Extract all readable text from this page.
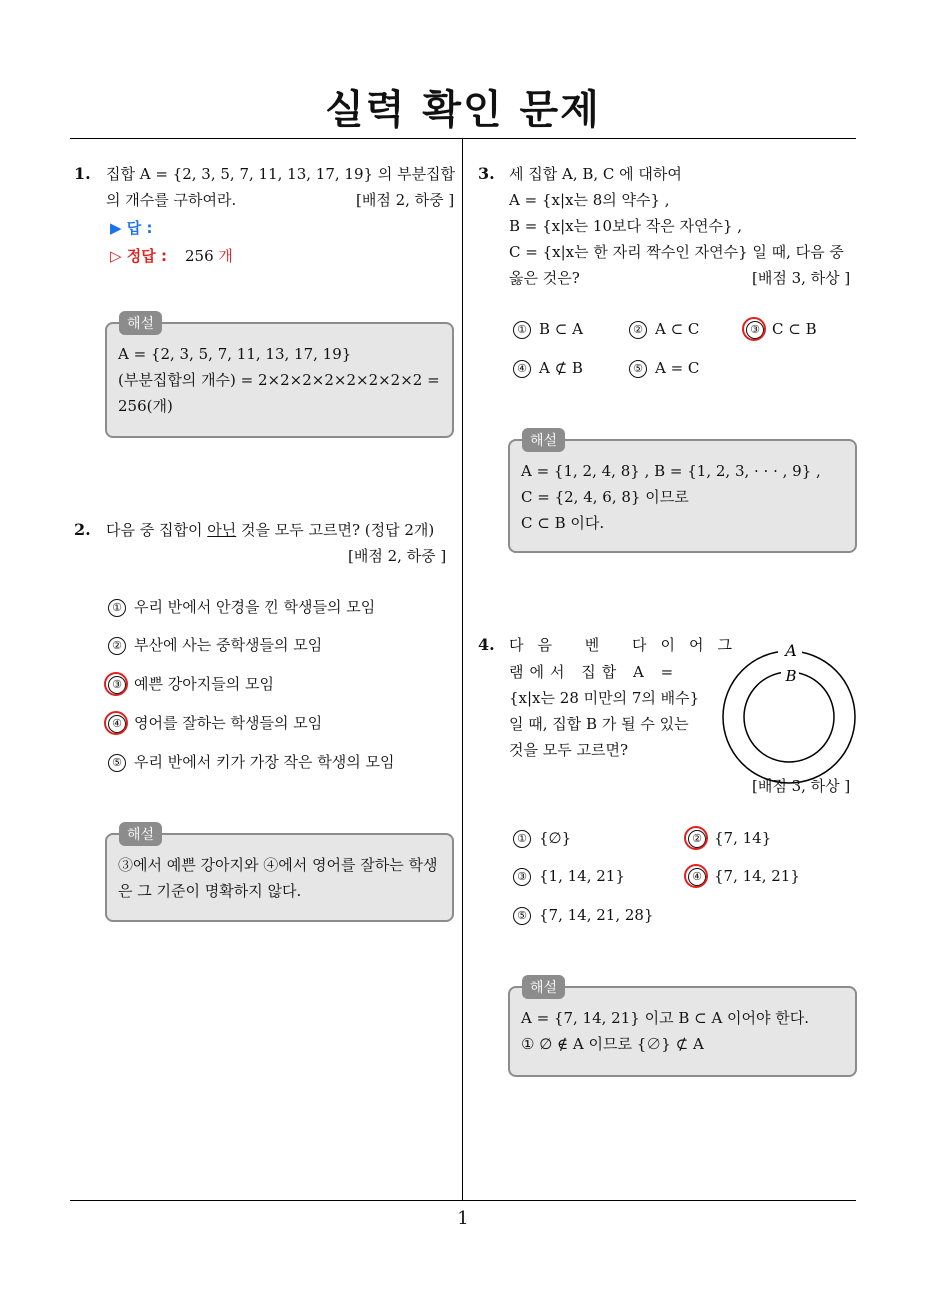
실력 확인 문제
1
1. 집합 A = {2, 3, 5, 7, 11, 13, 17, 19} 의 부분집합
의 개수를 구하여라.	[배점 2, 하중 ]
▶ 답 :
▷ 정답 : 256 개
해설
A = {2, 3, 5, 7, 11, 13, 17, 19}
(부분집합의 개수) = 2×2×2×2×2×2×2×2 =
256(개)
2. 다음 중 집합이 아닌 것을 모두 고르면? (정답 2개)
[배점 2, 하중 ]
① 우리 반에서 안경을 낀 학생들의 모임
② 부산에 사는 중학생들의 모임
③ 예쁜 강아지들의 모임
④ 영어를 잘하는 학생들의 모임
⑤ 우리 반에서 키가 가장 작은 학생의 모임
해설
③에서 예쁜 강아지와 ④에서 영어를 잘하는 학생
은 그 기준이 명확하지 않다.
3. 세 집합 A, B, C 에 대하여
A = {x|x는 8의 약수} ,
B = {x|x는 10보다 작은 자연수} ,
C = {x|x는 한 자리 짝수인 자연수} 일 때, 다음 중
옳은 것은?	[배점 3, 하상 ]
① B ⊂ A	② A ⊂ C	③ C ⊂ B
④ A ⊄ B	⑤ A = C
해설
A = {1, 2, 4, 8} , B = {1, 2, 3, · · · , 9} ,
C = {2, 4, 6, 8} 이므로
C ⊂ B 이다.
4. 다음 벤 다이어그
램에서 집합 A =
{x|x는 28 미만의 7의 배수}
일 때, 집합 B 가 될 수 있는
것을 모두 고르면?
A
B
[배점 3, 하상 ]
① {∅}	② {7, 14}
③ {1, 14, 21}	④ {7, 14, 21}
⑤ {7, 14, 21, 28}
해설
A = {7, 14, 21} 이고 B ⊂ A 이어야 한다.
① ∅ ∉ A 이므로 {∅} ⊄ A
